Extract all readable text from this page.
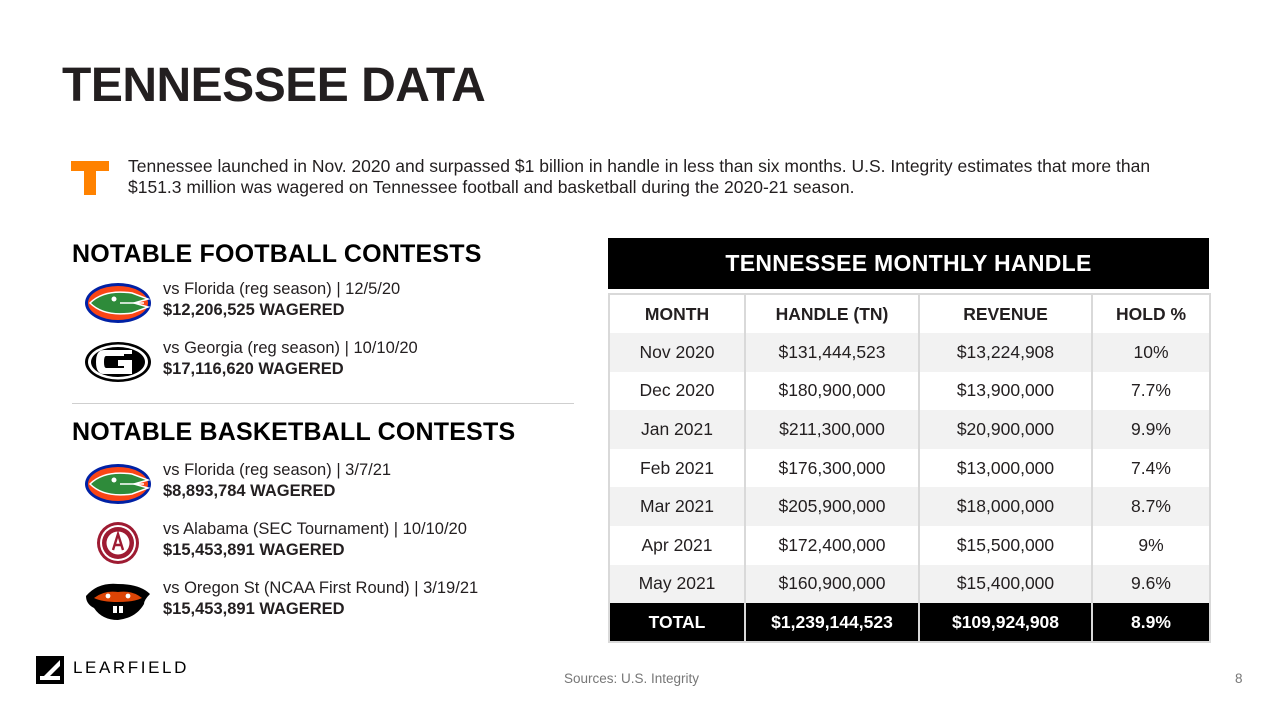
TENNESSEE DATA
Tennessee launched in Nov. 2020 and surpassed $1 billion in handle in less than six months. U.S. Integrity estimates that more than $151.3 million was wagered on Tennessee football and basketball during the 2020-21 season.
NOTABLE FOOTBALL CONTESTS
vs Florida (reg season) | 12/5/20
$12,206,525 WAGERED
vs Georgia (reg season) | 10/10/20
$17,116,620 WAGERED
NOTABLE BASKETBALL CONTESTS
vs Florida (reg season) | 3/7/21
$8,893,784 WAGERED
vs Alabama (SEC Tournament) | 10/10/20
$15,453,891 WAGERED
vs Oregon St (NCAA First Round) | 3/19/21
$15,453,891 WAGERED
TENNESSEE MONTHLY HANDLE
MONTH	HANDLE (TN)	REVENUE	HOLD %
Nov 2020	$131,444,523	$13,224,908	10%
Dec 2020	$180,900,000	$13,900,000	7.7%
Jan 2021	$211,300,000	$20,900,000	9.9%
Feb 2021	$176,300,000	$13,000,000	7.4%
Mar 2021	$205,900,000	$18,000,000	8.7%
Apr 2021	$172,400,000	$15,500,000	9%
May 2021	$160,900,000	$15,400,000	9.6%
TOTAL	$1,239,144,523	$109,924,908	8.9%
LEARFIELD
Sources: U.S. Integrity	8
